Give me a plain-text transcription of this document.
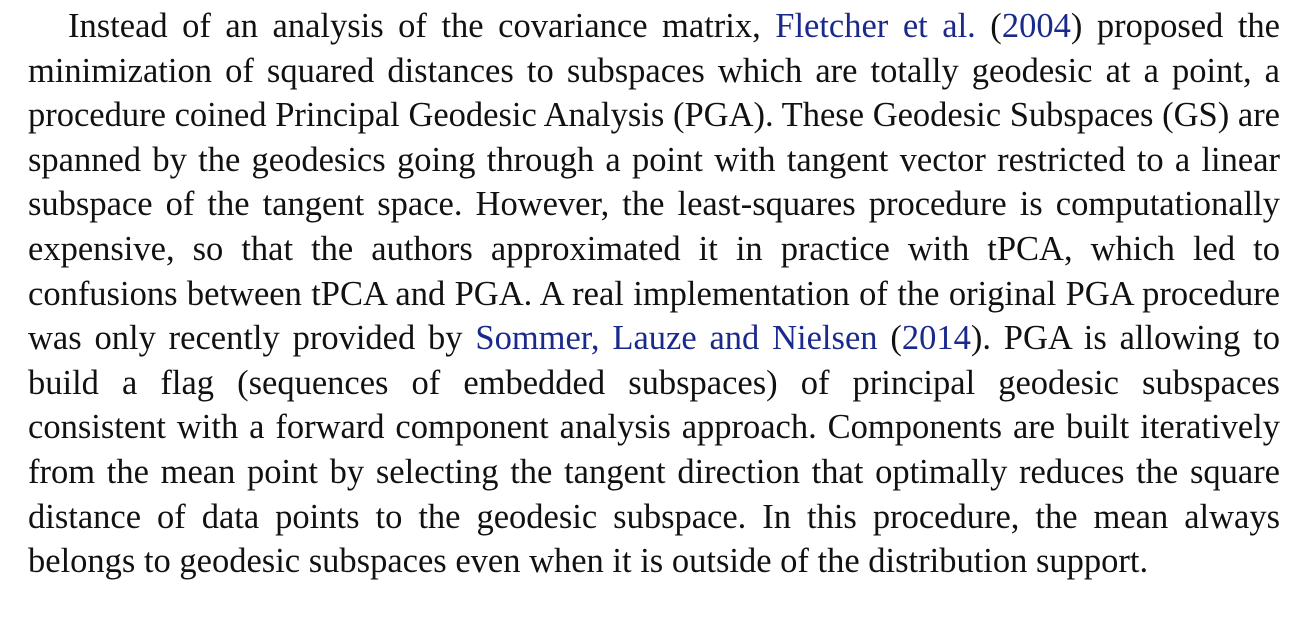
Instead of an analysis of the covariance matrix, Fletcher et al. (2004) proposed the minimization of squared distances to subspaces which are totally geodesic at a point, a procedure coined Principal Geodesic Analysis (PGA). These Geodesic Subspaces (GS) are spanned by the geodesics going through a point with tangent vector restricted to a linear subspace of the tangent space. However, the least-squares procedure is computationally expensive, so that the authors approximated it in practice with tPCA, which led to confusions between tPCA and PGA. A real implementation of the original PGA procedure was only recently provided by Sommer, Lauze and Nielsen (2014). PGA is allowing to build a flag (sequences of embedded subspaces) of principal geodesic subspaces consistent with a forward component analysis approach. Components are built iteratively from the mean point by selecting the tangent direction that optimally reduces the square distance of data points to the geodesic subspace. In this procedure, the mean always belongs to geodesic subspaces even when it is outside of the distribution support.
